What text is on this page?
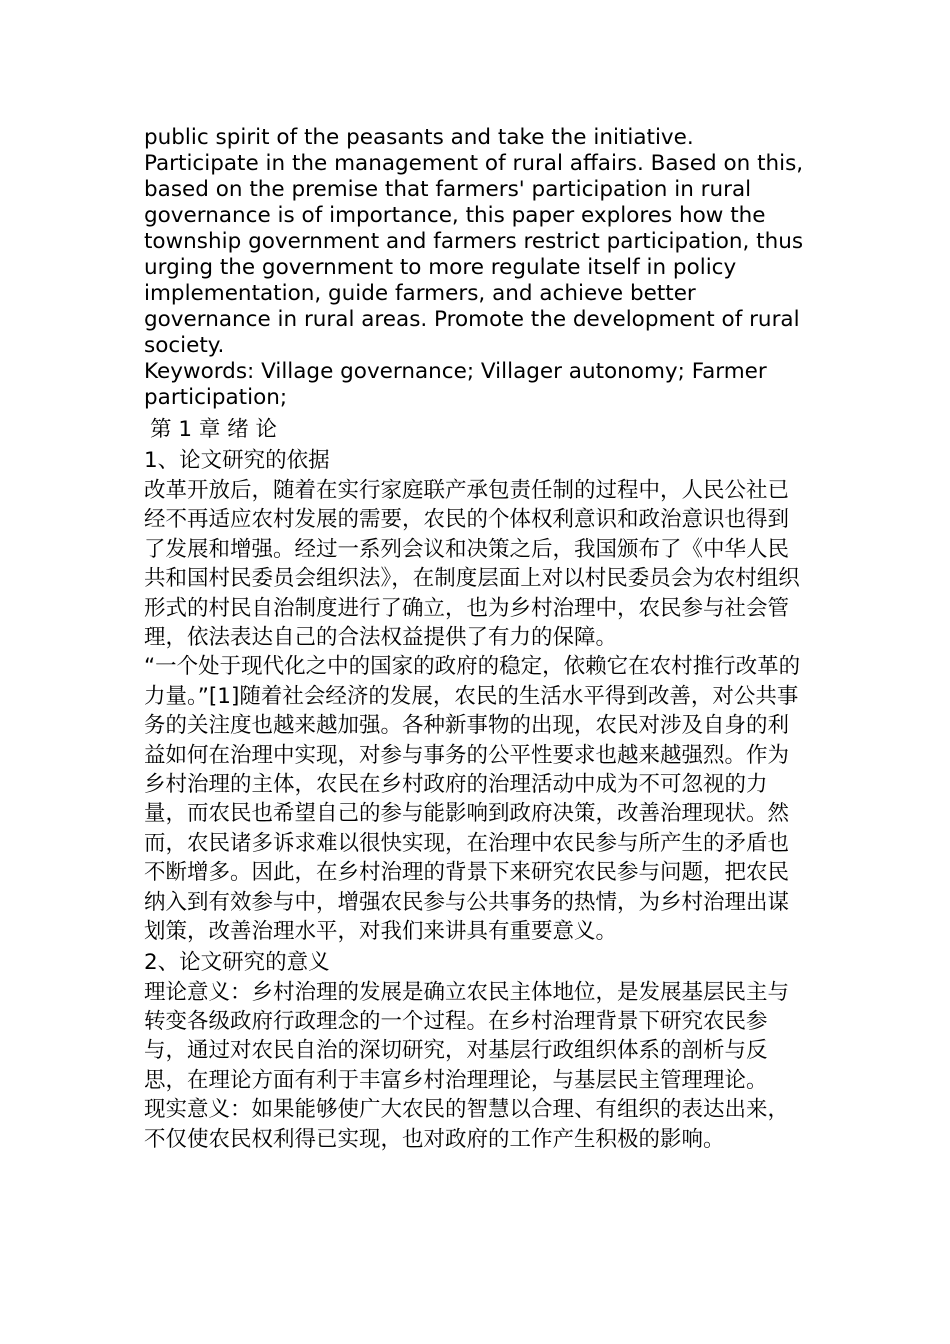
public spirit of the peasants and take the initiative. Participate in the management of rural affairs. Based on this, based on the premise that farmers' participation in rural governance is of importance, this paper explores how the township government and farmers restrict participation, thus urging the government to more regulate itself in policy implementation, guide farmers, and achieve better governance in rural areas. Promote the development of rural society.

Keywords: Village governance; Villager autonomy; Farmer participation;

第 1 章 绪 论

1、论文研究的依据

改革开放后，随着在实行家庭联产承包责任制的过程中，人民公社已经不再适应农村发展的需要，农民的个体权利意识和政治意识也得到了发展和增强。经过一系列会议和决策之后，我国颁布了《中华人民共和国村民委员会组织法》，在制度层面上对以村民委员会为农村组织形式的村民自治制度进行了确立，也为乡村治理中，农民参与社会管理，依法表达自己的合法权益提供了有力的保障。

“一个处于现代化之中的国家的政府的稳定，依赖它在农村推行改革的力量。”[1]随着社会经济的发展，农民的生活水平得到改善，对公共事务的关注度也越来越加强。各种新事物的出现，农民对涉及自身的利益如何在治理中实现，对参与事务的公平性要求也越来越强烈。作为乡村治理的主体，农民在乡村政府的治理活动中成为不可忽视的力量，而农民也希望自己的参与能影响到政府决策，改善治理现状。然而，农民诸多诉求难以很快实现，在治理中农民参与所产生的矛盾也不断增多。因此，在乡村治理的背景下来研究农民参与问题，把农民纳入到有效参与中，增强农民参与公共事务的热情，为乡村治理出谋划策，改善治理水平，对我们来讲具有重要意义。

2、论文研究的意义

理论意义：乡村治理的发展是确立农民主体地位，是发展基层民主与转变各级政府行政理念的一个过程。在乡村治理背景下研究农民参与，通过对农民自治的深切研究，对基层行政组织体系的剖析与反思，在理论方面有利于丰富乡村治理理论，与基层民主管理理论。

现实意义：如果能够使广大农民的智慧以合理、有组织的表达出来，不仅使农民权利得已实现，也对政府的工作产生积极的影响。
